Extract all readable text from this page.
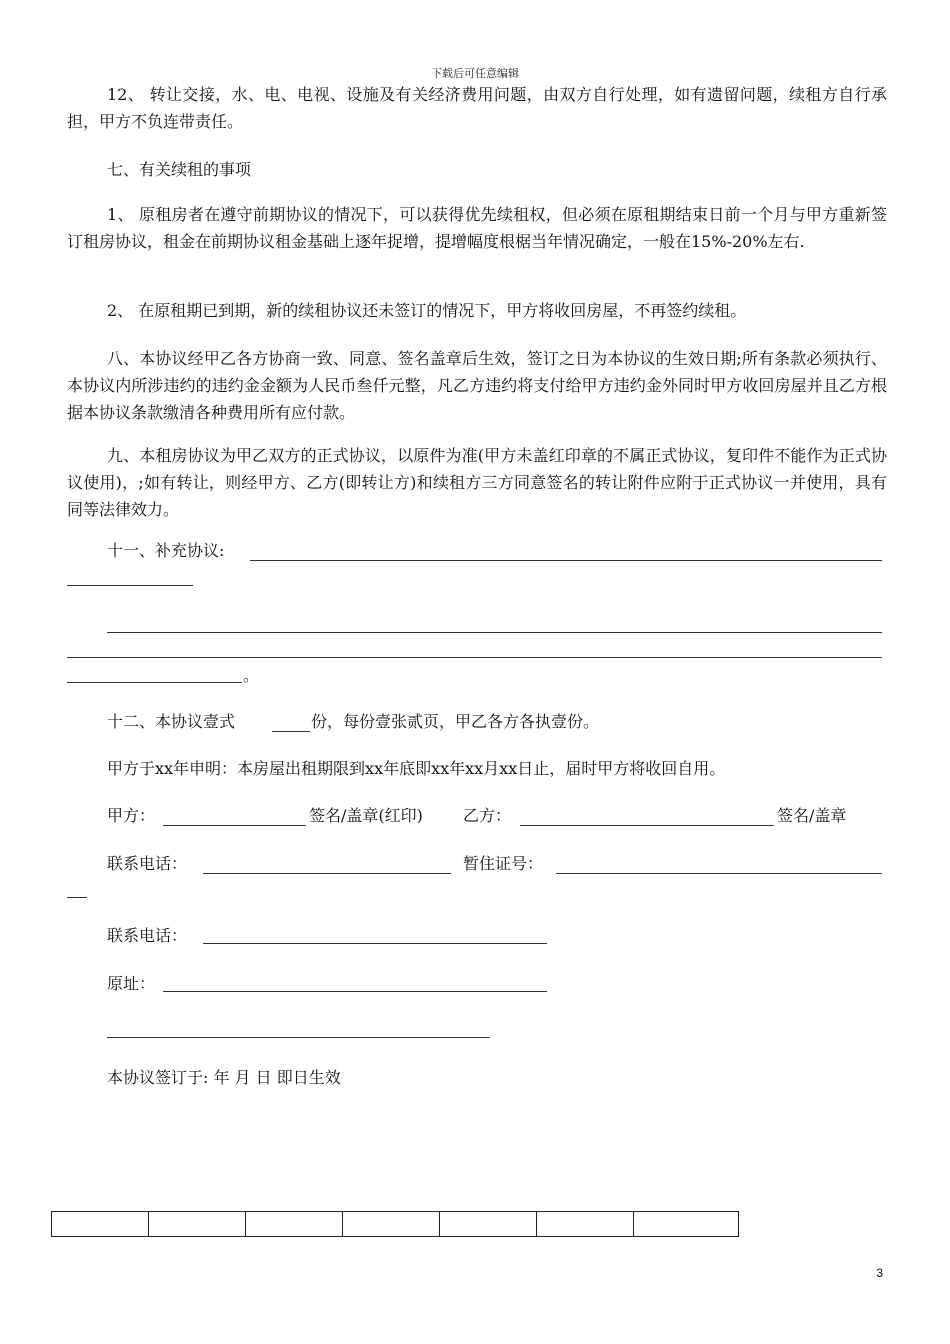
下载后可任意编辑
12、 转让交接，水、电、电视、设施及有关经济费用问题，由双方自行处理，如有遗留问题，续租方自行承担，甲方不负连带责任。
七、有关续租的事项
1、 原租房者在遵守前期协议的情况下，可以获得优先续租权，但必须在原租期结束日前一个月与甲方重新签订租房协议，租金在前期协议租金基础上逐年捉增，提增幅度根椐当年情况确定，一般在15%-20%左右.
2、 在原租期已到期，新的续租协议还未签订的情况下，甲方将收回房屋，不再签约续租。
八、本协议经甲乙各方协商一致、同意、签名盖章后生效，签订之日为本协议的生效日期;所有条款必须执行、本协议内所涉违约的违约金金额为人民币叁仟元整，凡乙方违约将支付给甲方违约金外同时甲方收回房屋并且乙方根据本协议条款缴清各种费用所有应付款。
九、本租房协议为甲乙双方的正式协议，以原件为准(甲方未盖红印章的不属正式协议，复印件不能作为正式协议使用)，;如有转让，则经甲方、乙方(即转让方)和续租方三方同意签名的转让附件应附于正式协议一并使用，具有同等法律效力。
十一、补充协议:
。
十二、本协议壹式	份，每份壹张贰页，甲乙各方各执壹份。
甲方于xx年申明：本房屋出租期限到xx年底即xx年xx月xx日止，届时甲方将收回自用。
甲方：	签名/盖章(红印)	乙方：	签名/盖章
联系电话：	暂住证号：
联系电话：
原址：
本协议签订于: 年 月 日 即日生效
3
